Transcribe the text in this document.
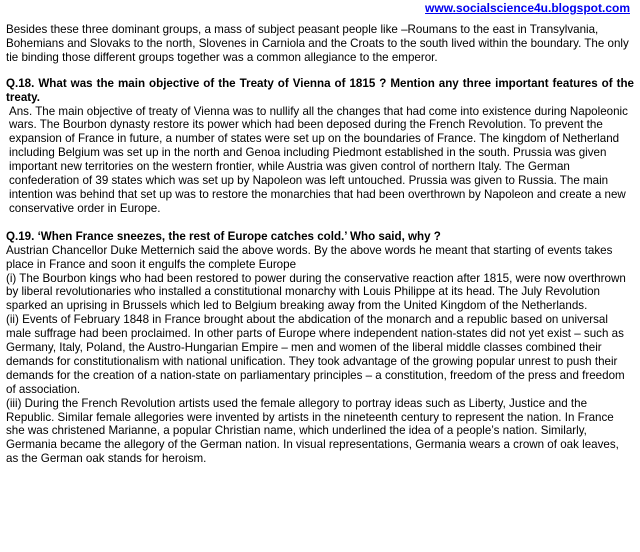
www.socialscience4u.blogspot.com

Besides these three dominant groups, a mass of subject peasant people like –Roumans to the east in Transylvania, Bohemians and Slovaks to the north, Slovenes in Carniola and the Croats to the south lived within the boundary. The only tie binding those different groups together was a common allegiance to the emperor.

Q.18. What was the main objective of the Treaty of Vienna of 1815 ? Mention any three important features of the treaty.

Ans. The main objective of treaty of Vienna was to nullify all the changes that had come into existence during Napoleonic wars. The Bourbon dynasty restore its power which had been deposed during the French Revolution. To prevent the expansion of France in future, a number of states were set up on the boundaries of France. The kingdom of Netherland including Belgium was set up in the north and Genoa including Piedmont established in the south. Prussia was given important new territories on the western frontier, while Austria was given control of northern Italy. The German confederation of 39 states which was set up by Napoleon was left untouched. Prussia was given to Russia. The main intention was behind that set up was to restore the monarchies that had been overthrown by Napoleon and create a new conservative order in Europe.

Q.19. ‘When France sneezes, the rest of Europe catches cold.’ Who said, why ?

Austrian Chancellor Duke Metternich said the above words. By the above words he meant that starting of events takes place in France and soon it engulfs the complete Europe

(i) The Bourbon kings who had been restored to power during the conservative reaction after 1815, were now overthrown by liberal revolutionaries who installed a constitutional monarchy with Louis Philippe at its head. The July Revolution sparked an uprising in Brussels which led to Belgium breaking away from the United Kingdom of the Netherlands.

(ii) Events of February 1848 in France brought about the abdication of the monarch and a republic based on universal male suffrage had been proclaimed. In other parts of Europe where independent nation-states did not yet exist – such as Germany, Italy, Poland, the Austro-Hungarian Empire – men and women of the liberal middle classes combined their demands for constitutionalism with national unification. They took advantage of the growing popular unrest to push their demands for the creation of a nation-state on parliamentary principles – a constitution, freedom of the press and freedom of association.

(iii) During the French Revolution artists used the female allegory to portray ideas such as Liberty, Justice and the Republic. Similar female allegories were invented by artists in the nineteenth century to represent the nation. In France she was christened Marianne, a popular Christian name, which underlined the idea of a people’s nation. Similarly, Germania became the allegory of the German nation. In visual representations, Germania wears a crown of oak leaves, as the German oak stands for heroism.
